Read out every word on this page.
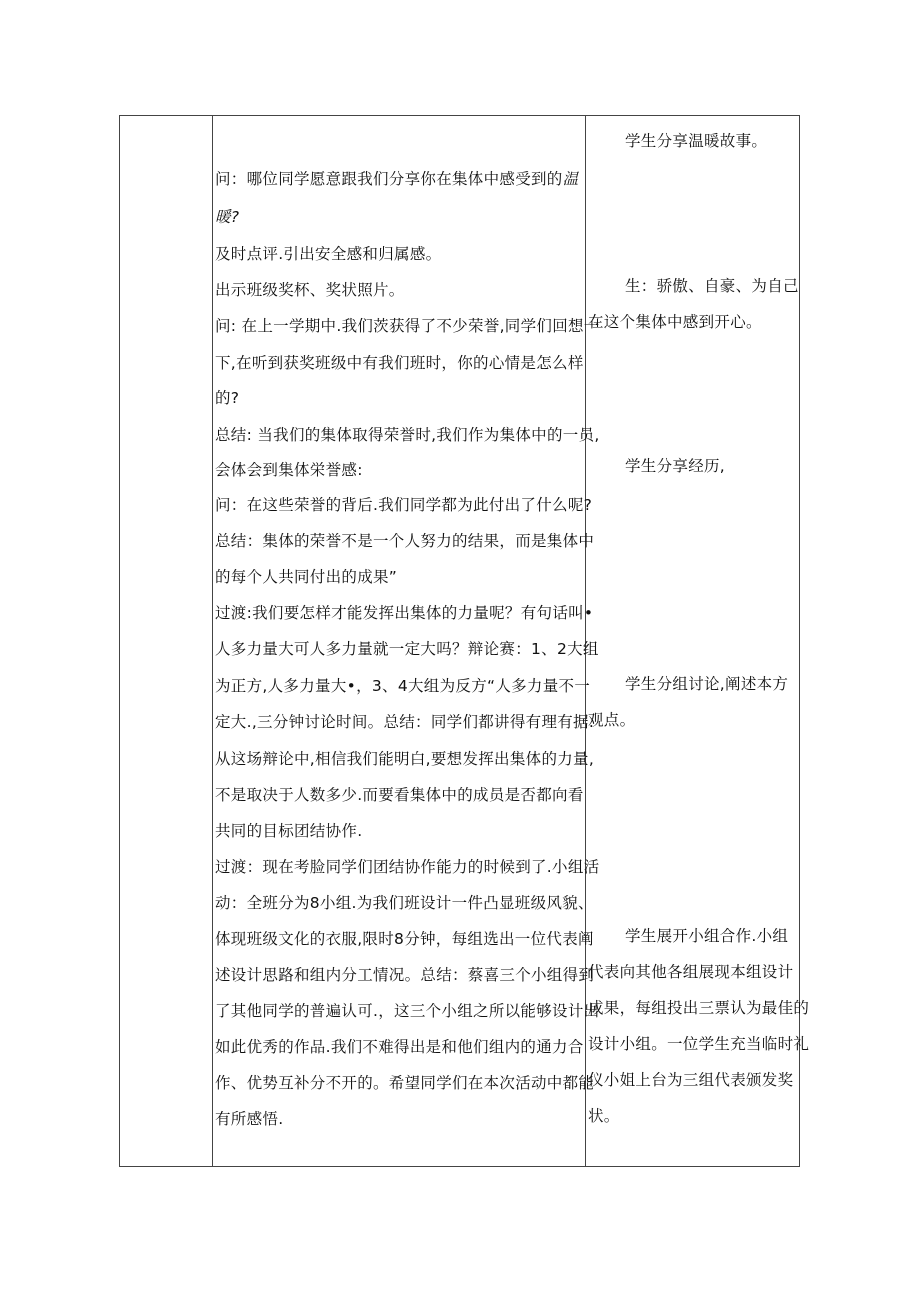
问：哪位同学愿意跟我们分享你在集体中感受到的温
暖?
及时点评.引出安全感和归属感。
出示班级奖杯、奖状照片。
问: 在上一学期中.我们茨获得了不少荣誉,同学们回想一
下,在听到获奖班级中有我们班时，你的心情是怎么样
的?
总结: 当我们的集体取得荣誉时,我们作为集体中的一员,
会体会到集体栄誉感:
问：在这些荣誉的背后.我们同学都为此付出了什么呢?
总结：集体的荣誉不是一个人努力的结果，而是集体中
的每个人共同付出的成果”
过渡:我们要怎样才能发挥出集体的力量呢？有句话叫•
人多力量大可人多力量就一定大吗？辩论赛：1、2大组
为正方,人多力量大•，3、4大组为反方“人多力量不一
定大.,三分钟讨论时间。总结：同学们都讲得有理有据.
从这场辩论中,相信我们能明白,要想发挥出集体的力量,
不是取决于人数多少.而要看集体中的成员是否都向看
共同的目标团结协作.
过渡：现在考脸同学们团结协作能力的时候到了.小组活
动：全班分为8小组.为我们班设计一件凸显班级风貌、
体现班级文化的衣服,限时8分钟，每组选出一位代表阐
述设计思路和组内分工情况。总结：蔡喜三个小组得到
了其他同学的普遍认可.，这三个小组之所以能够设计出
如此优秀的作品.我们不难得出是和他们组内的通力合
作、优势互补分不开的。希望同学们在本次活动中都能
有所感悟.
学生分享温暖故事。
生：骄傲、自豪、为自己
在这个集体中感到开心。
学生分享经历,
学生分组讨论,阐述本方
观点。
学生展开小组合作.小组
代表向其他各组展现本组设计
成果，每组投出三票认为最佳的
设计小组。一位学生充当临时礼
仪小姐上台为三组代表颁发奖
状。
